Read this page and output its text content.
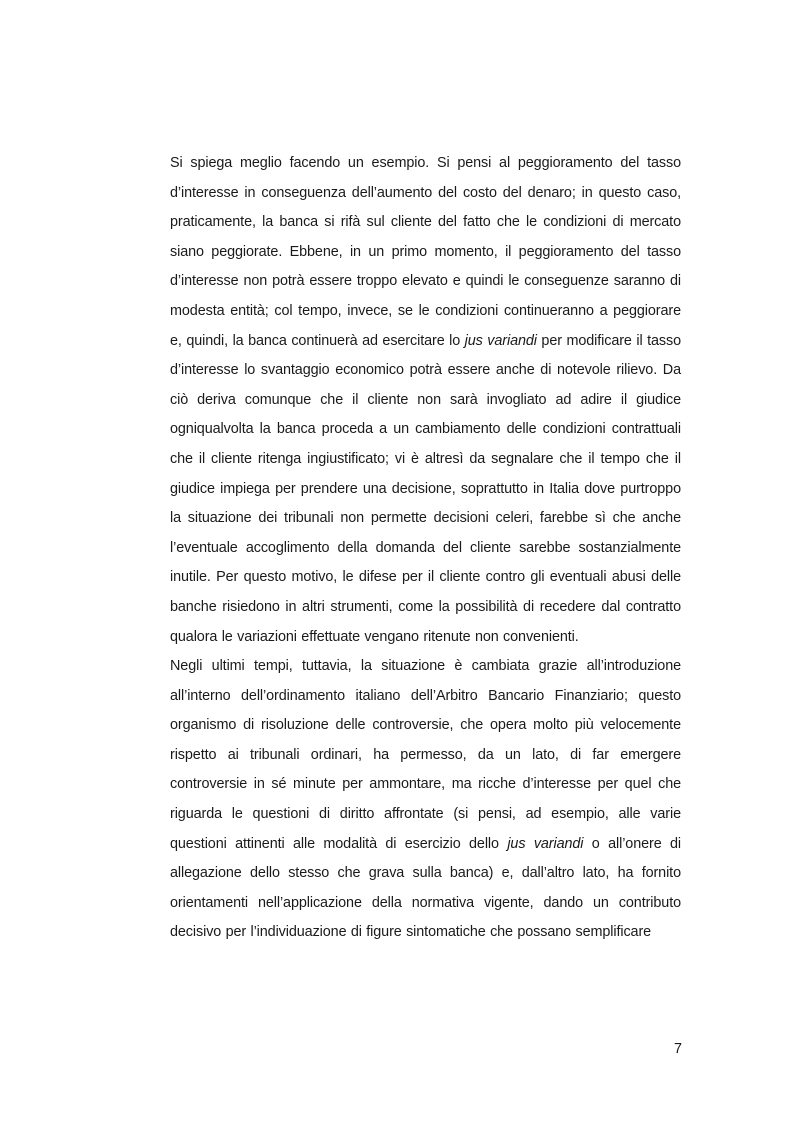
Si spiega meglio facendo un esempio. Si pensi al peggioramento del tasso d’interesse in conseguenza dell’aumento del costo del denaro; in questo caso, praticamente, la banca si rifà sul cliente del fatto che le condizioni di mercato siano peggiorate. Ebbene, in un primo momento, il peggioramento del tasso d’interesse non potrà essere troppo elevato e quindi le conseguenze saranno di modesta entità; col tempo, invece, se le condizioni continueranno a peggiorare e, quindi, la banca continuerà ad esercitare lo jus variandi per modificare il tasso d’interesse lo svantaggio economico potrà essere anche di notevole rilievo. Da ciò deriva comunque che il cliente non sarà invogliato ad adire il giudice ogniqualvolta la banca proceda a un cambiamento delle condizioni contrattuali che il cliente ritenga ingiustificato; vi è altresì da segnalare che il tempo che il giudice impiega per prendere una decisione, soprattutto in Italia dove purtroppo la situazione dei tribunali non permette decisioni celeri, farebbe sì che anche l’eventuale accoglimento della domanda del cliente sarebbe sostanzialmente inutile. Per questo motivo, le difese per il cliente contro gli eventuali abusi delle banche risiedono in altri strumenti, come la possibilità di recedere dal contratto qualora le variazioni effettuate vengano ritenute non convenienti.

Negli ultimi tempi, tuttavia, la situazione è cambiata grazie all’introduzione all’interno dell’ordinamento italiano dell’Arbitro Bancario Finanziario; questo organismo di risoluzione delle controversie, che opera molto più velocemente rispetto ai tribunali ordinari, ha permesso, da un lato, di far emergere controversie in sé minute per ammontare, ma ricche d’interesse per quel che riguarda le questioni di diritto affrontate (si pensi, ad esempio, alle varie questioni attinenti alle modalità di esercizio dello jus variandi o all’onere di allegazione dello stesso che grava sulla banca) e, dall’altro lato, ha fornito orientamenti nell’applicazione della normativa vigente, dando un contributo decisivo per l’individuazione di figure sintomatiche che possano semplificare

7
